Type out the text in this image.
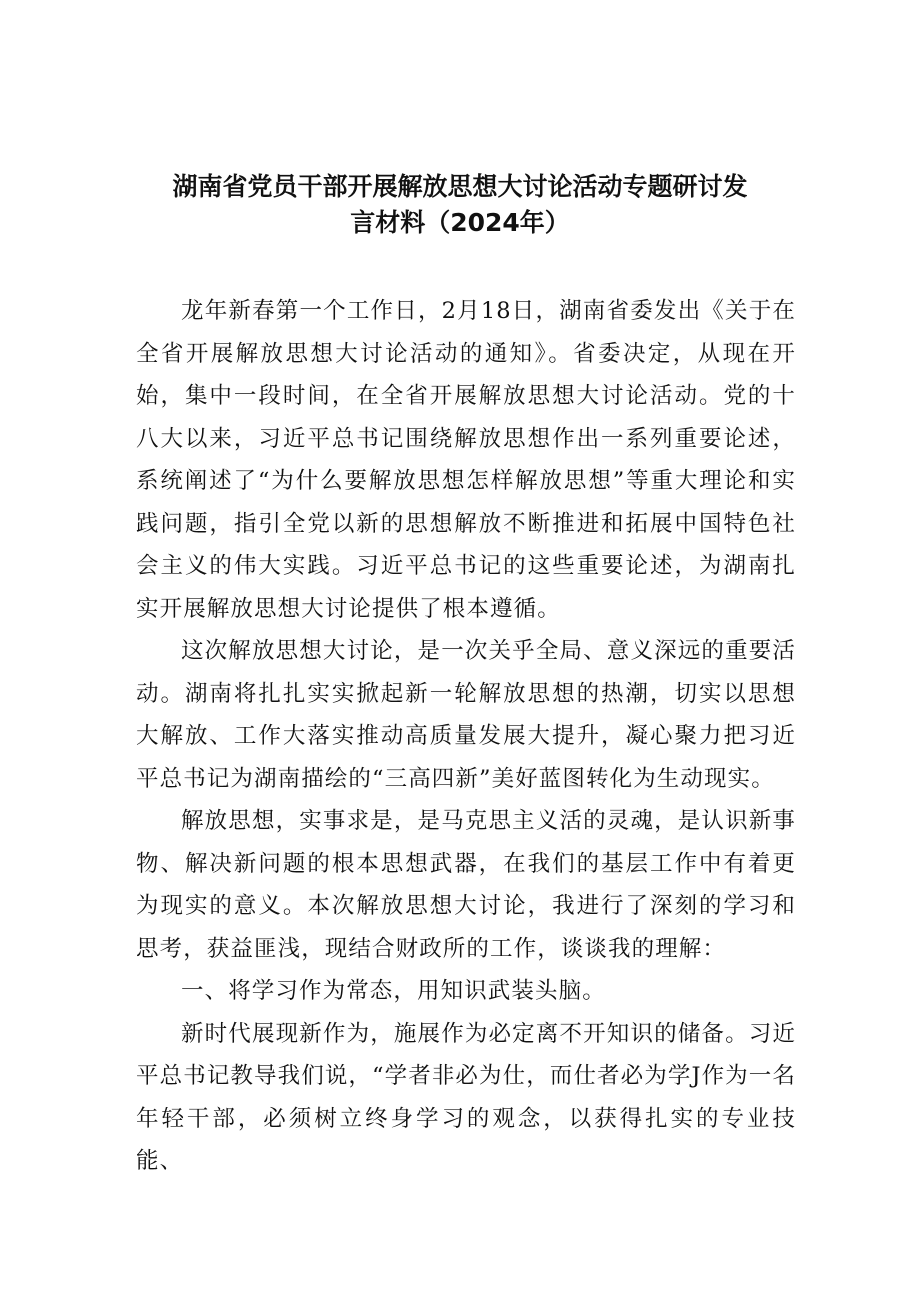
湖南省党员干部开展解放思想大讨论活动专题研讨发
言材料（2024年）

龙年新春第一个工作日，2月18日，湖南省委发出《关于在全省开展解放思想大讨论活动的通知》。省委决定，从现在开始，集中一段时间，在全省开展解放思想大讨论活动。党的十八大以来，习近平总书记围绕解放思想作出一系列重要论述，系统阐述了“为什么要解放思想怎样解放思想”等重大理论和实践问题，指引全党以新的思想解放不断推进和拓展中国特色社会主义的伟大实践。习近平总书记的这些重要论述，为湖南扎实开展解放思想大讨论提供了根本遵循。

这次解放思想大讨论，是一次关乎全局、意义深远的重要活动。湖南将扎扎实实掀起新一轮解放思想的热潮，切实以思想大解放、工作大落实推动高质量发展大提升，凝心聚力把习近平总书记为湖南描绘的“三高四新”美好蓝图转化为生动现实。

解放思想，实事求是，是马克思主义活的灵魂，是认识新事物、解决新问题的根本思想武器，在我们的基层工作中有着更为现实的意义。本次解放思想大讨论，我进行了深刻的学习和思考，获益匪浅，现结合财政所的工作，谈谈我的理解：

一、将学习作为常态，用知识武装头脑。

新时代展现新作为，施展作为必定离不开知识的储备。习近平总书记教导我们说，“学者非必为仕，而仕者必为学J作为一名年轻干部，必须树立终身学习的观念，以获得扎实的专业技能、
